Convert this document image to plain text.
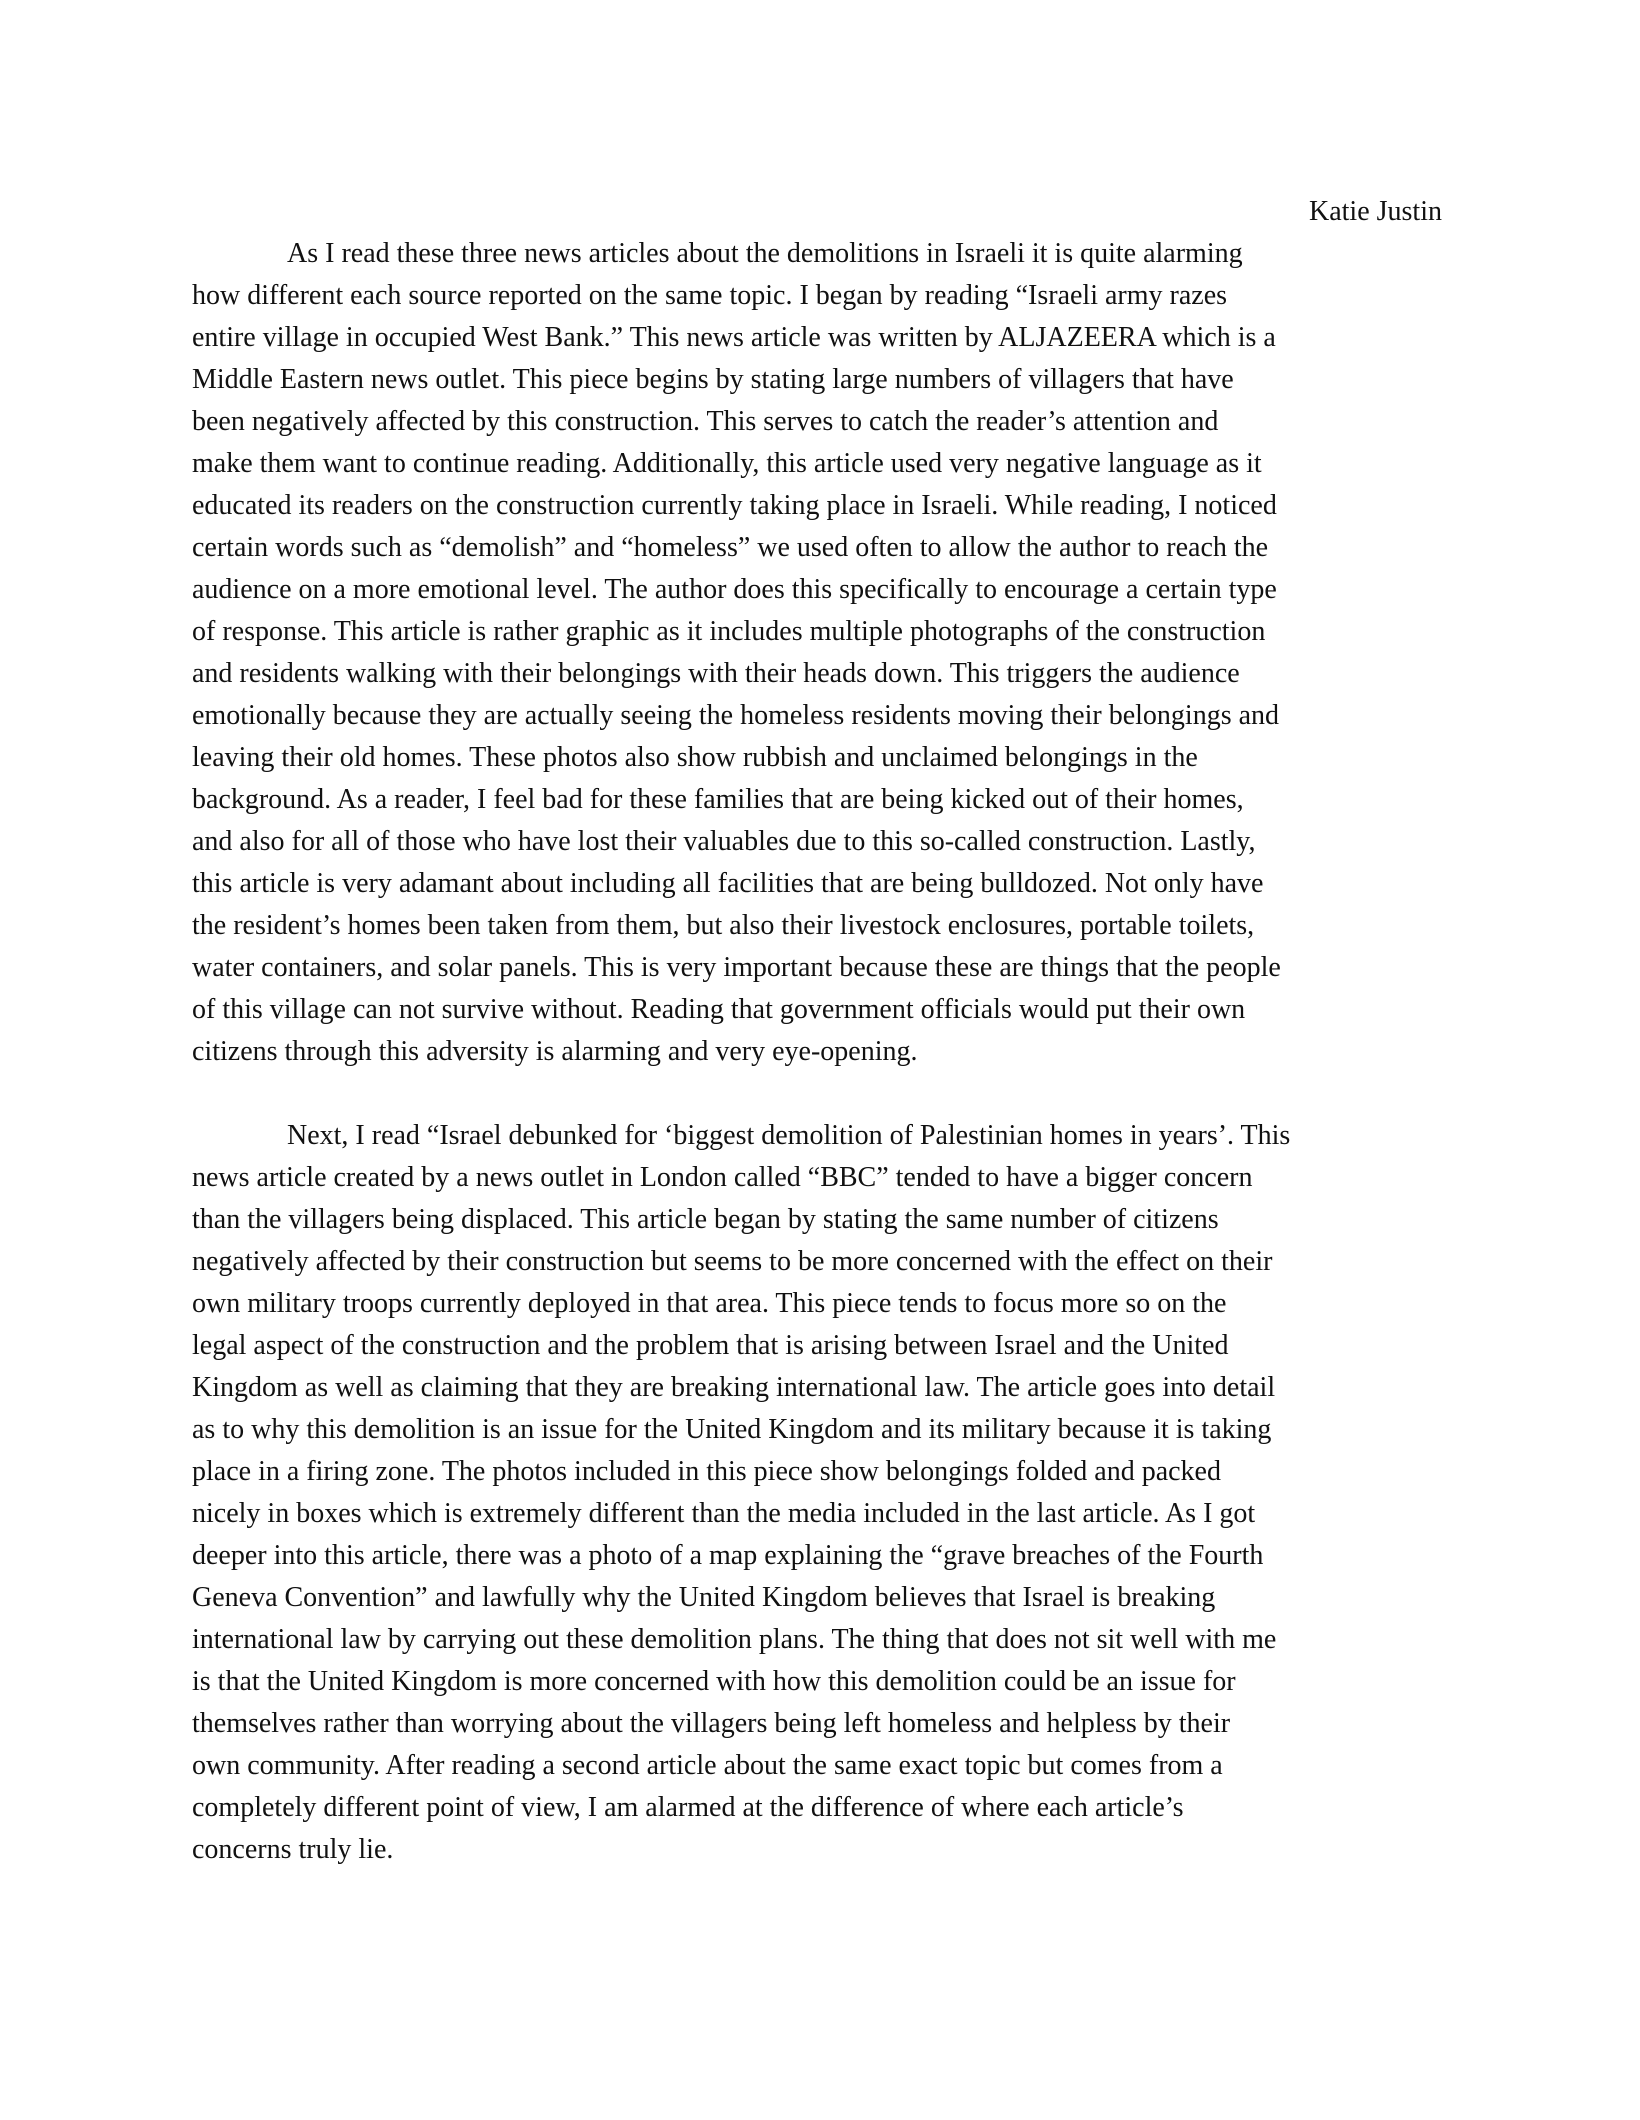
Katie Justin
As I read these three news articles about the demolitions in Israeli it is quite alarming
how different each source reported on the same topic. I began by reading “Israeli army razes
entire village in occupied West Bank.” This news article was written by ALJAZEERA which is a
Middle Eastern news outlet. This piece begins by stating large numbers of villagers that have
been negatively affected by this construction. This serves to catch the reader’s attention and
make them want to continue reading. Additionally, this article used very negative language as it
educated its readers on the construction currently taking place in Israeli. While reading, I noticed
certain words such as “demolish” and “homeless” we used often to allow the author to reach the
audience on a more emotional level. The author does this specifically to encourage a certain type
of response. This article is rather graphic as it includes multiple photographs of the construction
and residents walking with their belongings with their heads down. This triggers the audience
emotionally because they are actually seeing the homeless residents moving their belongings and
leaving their old homes. These photos also show rubbish and unclaimed belongings in the
background. As a reader, I feel bad for these families that are being kicked out of their homes,
and also for all of those who have lost their valuables due to this so-called construction. Lastly,
this article is very adamant about including all facilities that are being bulldozed. Not only have
the resident’s homes been taken from them, but also their livestock enclosures, portable toilets,
water containers, and solar panels. This is very important because these are things that the people
of this village can not survive without. Reading that government officials would put their own
citizens through this adversity is alarming and very eye-opening.
Next, I read “Israel debunked for ‘biggest demolition of Palestinian homes in years’. This
news article created by a news outlet in London called “BBC” tended to have a bigger concern
than the villagers being displaced. This article began by stating the same number of citizens
negatively affected by their construction but seems to be more concerned with the effect on their
own military troops currently deployed in that area. This piece tends to focus more so on the
legal aspect of the construction and the problem that is arising between Israel and the United
Kingdom as well as claiming that they are breaking international law. The article goes into detail
as to why this demolition is an issue for the United Kingdom and its military because it is taking
place in a firing zone. The photos included in this piece show belongings folded and packed
nicely in boxes which is extremely different than the media included in the last article. As I got
deeper into this article, there was a photo of a map explaining the “grave breaches of the Fourth
Geneva Convention” and lawfully why the United Kingdom believes that Israel is breaking
international law by carrying out these demolition plans. The thing that does not sit well with me
is that the United Kingdom is more concerned with how this demolition could be an issue for
themselves rather than worrying about the villagers being left homeless and helpless by their
own community. After reading a second article about the same exact topic but comes from a
completely different point of view, I am alarmed at the difference of where each article’s
concerns truly lie.
